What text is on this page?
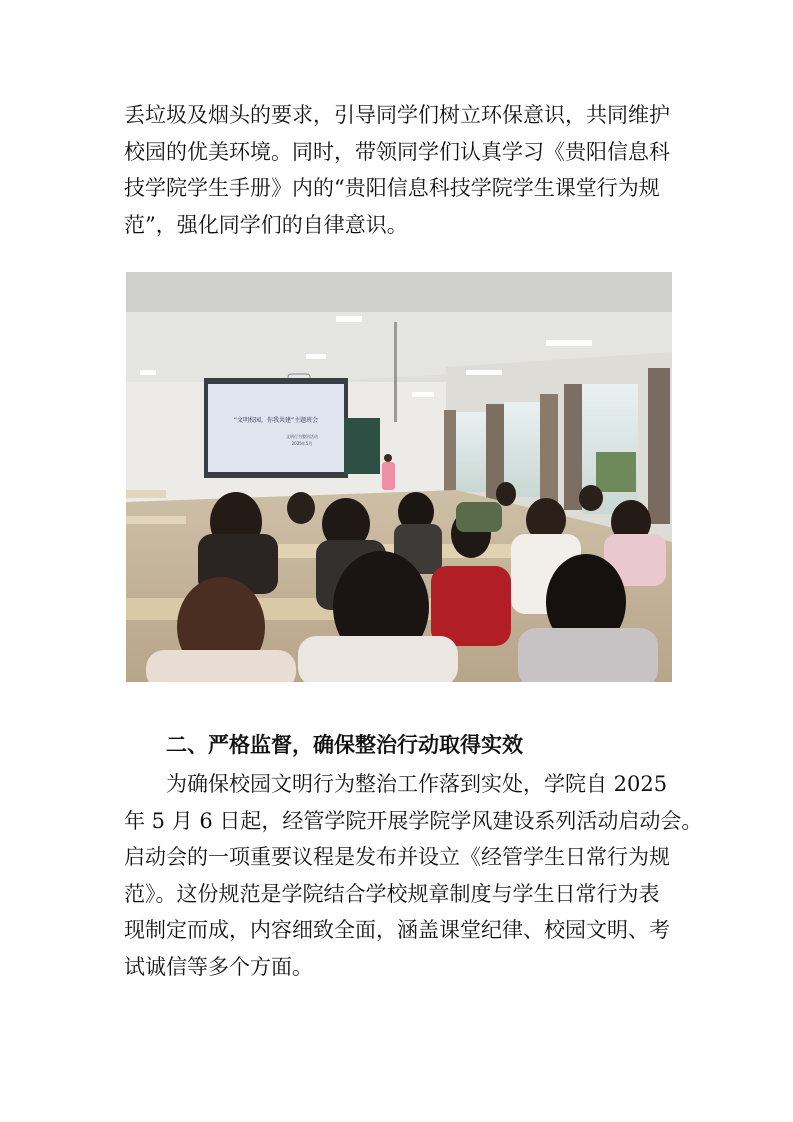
丢垃圾及烟头的要求，引导同学们树立环保意识，共同维护
校园的优美环境。同时，带领同学们认真学习《贵阳信息科
技学院学生手册》内的“贵阳信息科技学院学生课堂行为规
范”，强化同学们的自律意识。
“文明校园，你我共建”主题班会
文明行为整治活动
2025年5月
二、严格监督，确保整治行动取得实效
为确保校园文明行为整治工作落到实处，学院自 2025
年 5 月 6 日起，经管学院开展学院学风建设系列活动启动会。
启动会的一项重要议程是发布并设立《经管学生日常行为规
范》。这份规范是学院结合学校规章制度与学生日常行为表
现制定而成，内容细致全面，涵盖课堂纪律、校园文明、考
试诚信等多个方面。
